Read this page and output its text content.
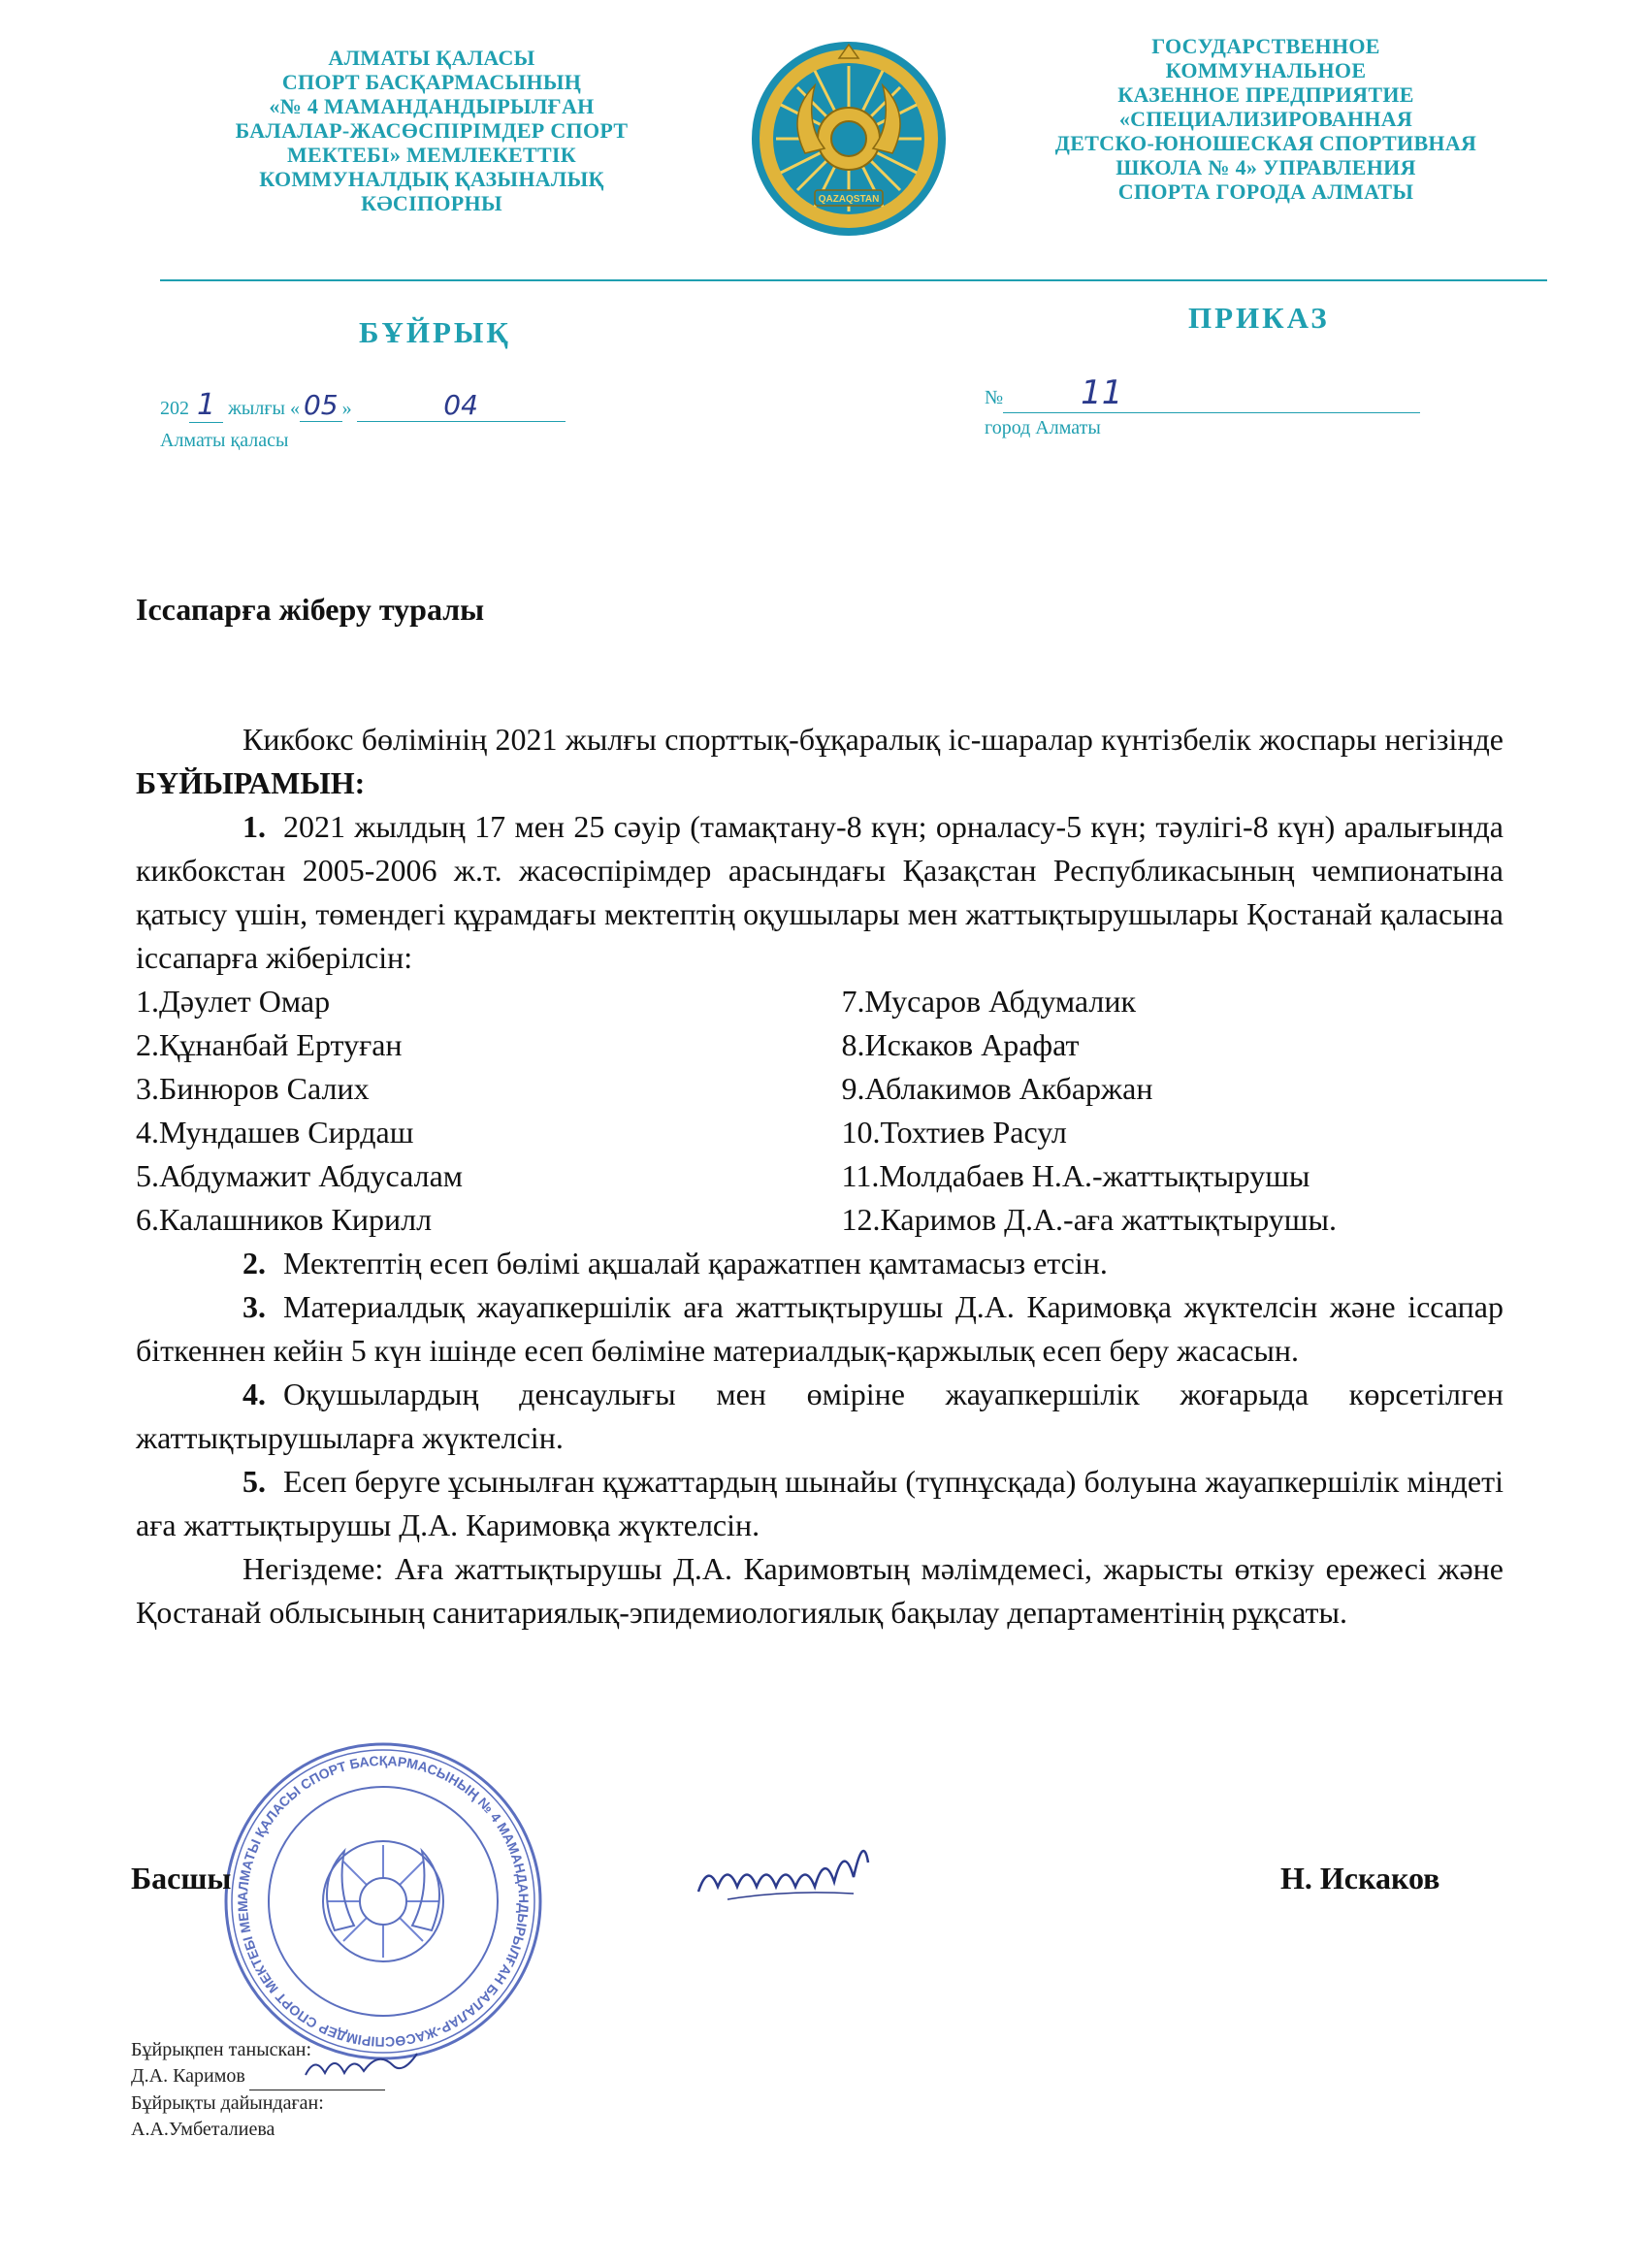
АЛМАТЫ ҚАЛАСЫ
СПОРТ БАСҚАРМАСЫНЫҢ
«№ 4 МАМАНДАНДЫРЫЛҒАН
БАЛАЛАР-ЖАСӨСПІРІМДЕР СПОРТ
МЕКТЕБІ» МЕМЛЕКЕТТІК
КОММУНАЛДЫҚ ҚАЗЫНАЛЫҚ
КӘСІПОРНЫ	QAZAQSTAN
ГОСУДАРСТВЕННОЕ
КОММУНАЛЬНОЕ
КАЗЕННОЕ ПРЕДПРИЯТИЕ
«СПЕЦИАЛИЗИРОВАННАЯ
ДЕТСКО-ЮНОШЕСКАЯ СПОРТИВНАЯ
ШКОЛА № 4» УПРАВЛЕНИЯ
СПОРТА ГОРОДА АЛМАТЫ
БҰЙРЫҚ	ПРИКАЗ
202 1 жылғы « 05 »	04	№ 11
Алматы қаласы
город Алматы
Іссапарға жіберу туралы

Кикбокс бөлімінің 2021 жылғы спорттық-бұқаралық іс-шаралар күнтізбелік жоспары негізінде БҰЙЫРАМЫН:

1. 2021 жылдың 17 мен 25 сәуір (тамақтану-8 күн; орналасу-5 күн; тәулігі-8 күн) аралығында кикбокстан 2005-2006 ж.т. жасөспірімдер арасындағы Қазақстан Республикасының чемпионатына қатысу үшін, төмендегі құрамдағы мектептің оқушылары мен жаттықтырушылары Қостанай қаласына іссапарға жіберілсін:

1.Дәулет Омар
2.Құнанбай Ертуған
3.Бинюров Салих
4.Мундашев Сирдаш
5.Абдумажит Абдусалам
6.Калашников Кирилл
7.Мусаров Абдумалик
8.Искаков Арафат
9.Аблакимов Акбаржан
10.Тохтиев Расул
11.Молдабаев Н.А.-жаттықтырушы
12.Каримов Д.А.-аға жаттықтырушы.

2. Мектептің есеп бөлімі ақшалай қаражатпен қамтамасыз етсін.

3. Материалдық жауапкершілік аға жаттықтырушы Д.А. Каримовқа жүктелсін және іссапар біткеннен кейін 5 күн ішінде есеп бөліміне материалдық-қаржылық есеп беру жасасын.

4. Оқушылардың денсаулығы мен өміріне жауапкершілік жоғарыда көрсетілген жаттықтырушыларға жүктелсін.

5. Есеп беруге ұсынылған құжаттардың шынайы (түпнұсқада) болуына жауапкершілік міндеті аға жаттықтырушы Д.А. Каримовқа жүктелсін.

Негіздеме: Аға жаттықтырушы Д.А. Каримовтың мәлімдемесі, жарысты өткізу ережесі және Қостанай облысының санитариялық-эпидемиологиялық бақылау департаментінің рұқсаты.

АЛМАТЫ ҚАЛАСЫ СПОРТ БАСҚАРМАСЫНЫҢ № 4 МАМАНДАНДЫРЫЛҒАН БАЛАЛАР-ЖАСӨСПІРІМДЕР СПОРТ МЕКТЕБІ МЕМ
Басшы	Н. Искаков
Бұйрықпен таныскан:
Д.А. Каримов
Бұйрықты дайындаған:
А.А.Умбеталиева
